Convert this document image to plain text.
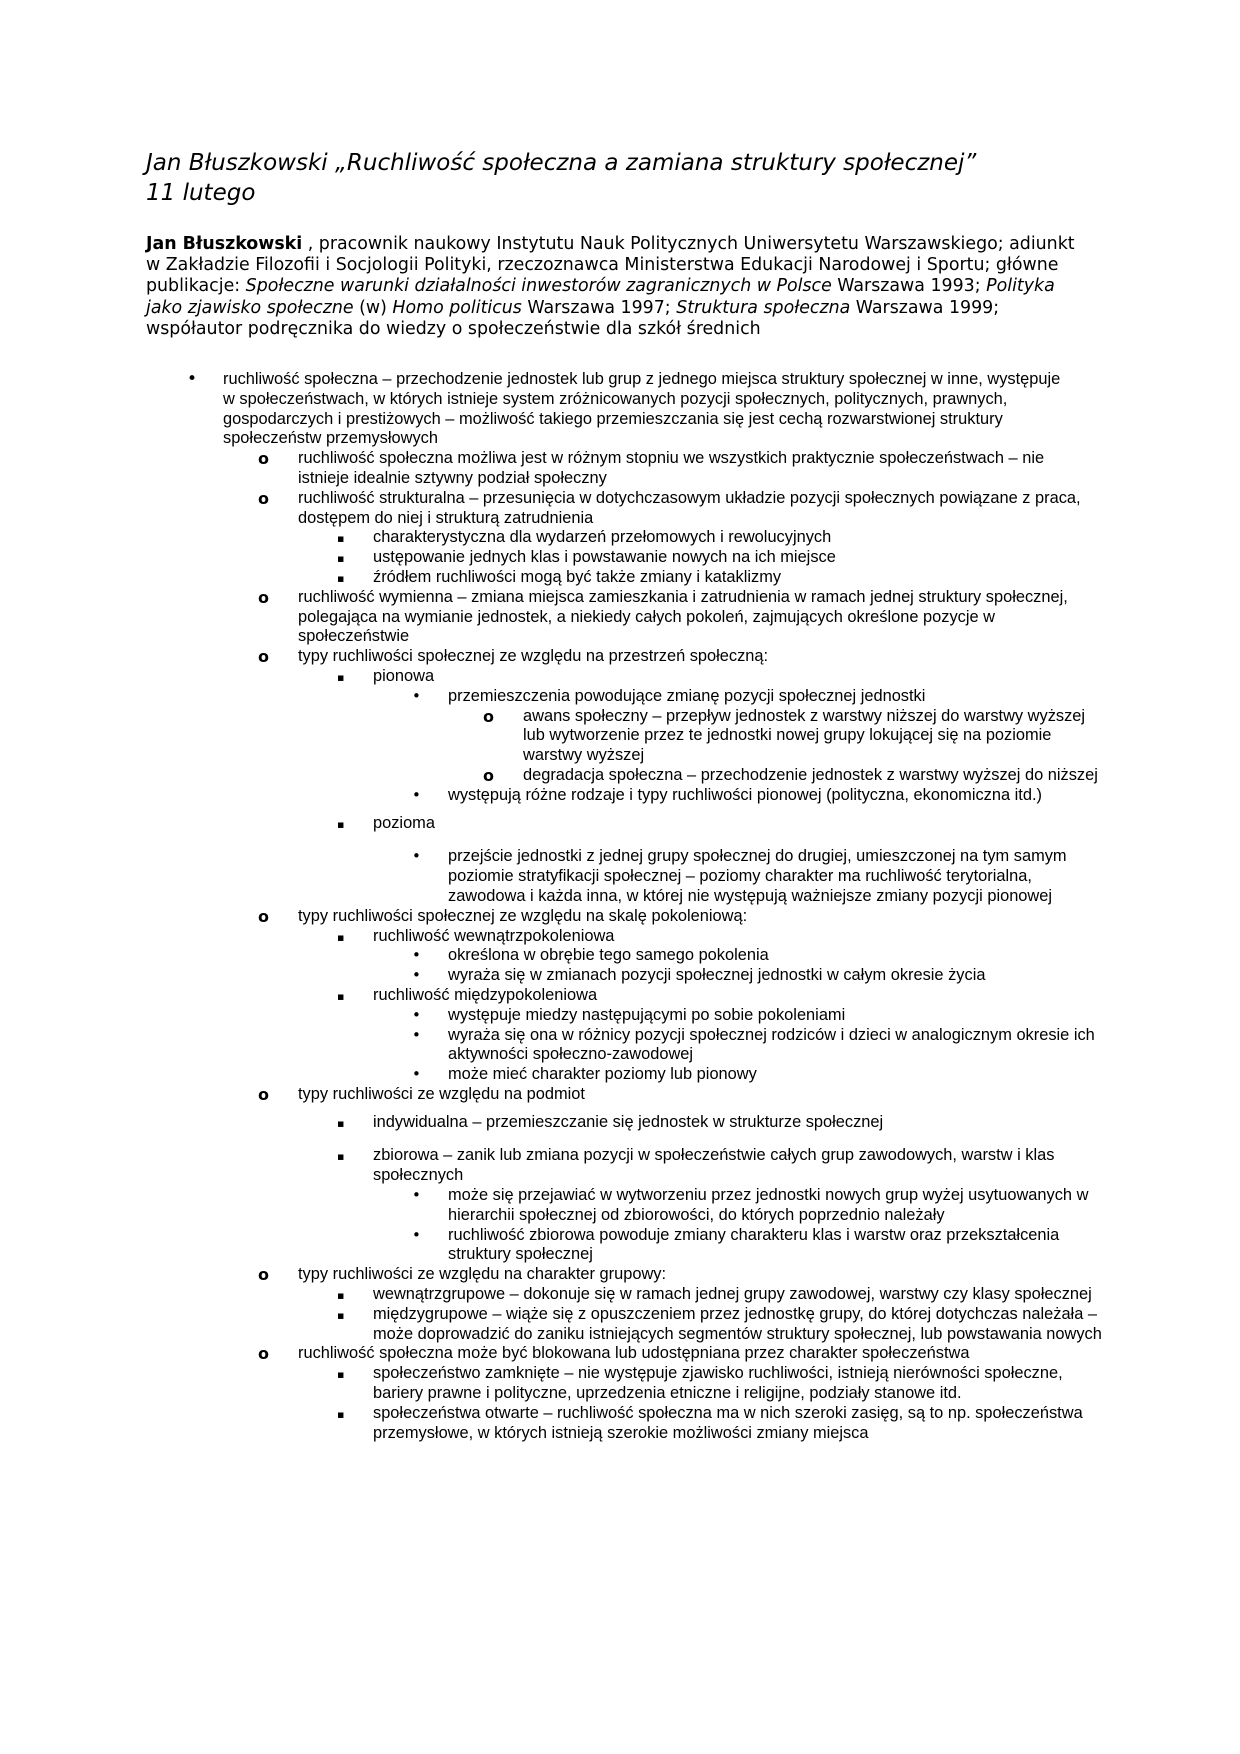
Jan Błuszkowski „Ruchliwość społeczna a zamiana struktury społecznej”
11 lutego

Jan Błuszkowski , pracownik naukowy Instytutu Nauk Politycznych Uniwersytetu Warszawskiego; adiunkt w Zakładzie Filozofii i Socjologii Polityki, rzeczoznawca Ministerstwa Edukacji Narodowej i Sportu; główne publikacje: Społeczne warunki działalności inwestorów zagranicznych w Polsce Warszawa 1993; Polityka jako zjawisko społeczne (w) Homo politicus Warszawa 1997; Struktura społeczna Warszawa 1999; współautor podręcznika do wiedzy o społeczeństwie dla szkół średnich

• ruchliwość społeczna – przechodzenie jednostek lub grup z jednego miejsca struktury społecznej w inne, występuje w społeczeństwach, w których istnieje system zróżnicowanych pozycji społecznych, politycznych, prawnych, gospodarczych i prestiżowych – możliwość takiego przemieszczania się jest cechą rozwarstwionej struktury społeczeństw przemysłowych
o ruchliwość społeczna możliwa jest w różnym stopniu we wszystkich praktycznie społeczeństwach – nie istnieje idealnie sztywny podział społeczny
o ruchliwość strukturalna – przesunięcia w dotychczasowym układzie pozycji społecznych powiązane z praca, dostępem do niej i strukturą zatrudnienia
▪ charakterystyczna dla wydarzeń przełomowych i rewolucyjnych
▪ ustępowanie jednych klas i powstawanie nowych na ich miejsce
▪ źródłem ruchliwości mogą być także zmiany i kataklizmy
o ruchliwość wymienna – zmiana miejsca zamieszkania i zatrudnienia w ramach jednej struktury społecznej, polegająca na wymianie jednostek, a niekiedy całych pokoleń, zajmujących określone pozycje w społeczeństwie
o typy ruchliwości społecznej ze względu na przestrzeń społeczną:
▪ pionowa
• przemieszczenia powodujące zmianę pozycji społecznej jednostki
o awans społeczny – przepływ jednostek z warstwy niższej do warstwy wyższej lub wytworzenie przez te jednostki nowej grupy lokującej się na poziomie warstwy wyższej
o degradacja społeczna – przechodzenie jednostek z warstwy wyższej do niższej
• występują różne rodzaje i typy ruchliwości pionowej (polityczna, ekonomiczna itd.)
▪ pozioma
• przejście jednostki z jednej grupy społecznej do drugiej, umieszczonej na tym samym poziomie stratyfikacji społecznej – poziomy charakter ma ruchliwość terytorialna, zawodowa i każda inna, w której nie występują ważniejsze zmiany pozycji pionowej
o typy ruchliwości społecznej ze względu na skalę pokoleniową:
▪ ruchliwość wewnątrzpokoleniowa
• określona w obrębie tego samego pokolenia
• wyraża się w zmianach pozycji społecznej jednostki w całym okresie życia
▪ ruchliwość międzypokoleniowa
• występuje miedzy następującymi po sobie pokoleniami
• wyraża się ona w różnicy pozycji społecznej rodziców i dzieci w analogicznym okresie ich aktywności społeczno-zawodowej
• może mieć charakter poziomy lub pionowy
o typy ruchliwości ze względu na podmiot
▪ indywidualna – przemieszczanie się jednostek w strukturze społecznej
▪ zbiorowa – zanik lub zmiana pozycji w społeczeństwie całych grup zawodowych, warstw i klas społecznych
• może się przejawiać w wytworzeniu przez jednostki nowych grup wyżej usytuowanych w hierarchii społecznej od zbiorowości, do których poprzednio należały
• ruchliwość zbiorowa powoduje zmiany charakteru klas i warstw oraz przekształcenia struktury społecznej
o typy ruchliwości ze względu na charakter grupowy:
▪ wewnątrzgrupowe – dokonuje się w ramach jednej grupy zawodowej, warstwy czy klasy społecznej
▪ międzygrupowe – wiąże się z opuszczeniem przez jednostkę grupy, do której dotychczas należała – może doprowadzić do zaniku istniejących segmentów struktury społecznej, lub powstawania nowych
o ruchliwość społeczna może być blokowana lub udostępniana przez charakter społeczeństwa
▪ społeczeństwo zamknięte – nie występuje zjawisko ruchliwości, istnieją nierówności społeczne, bariery prawne i polityczne, uprzedzenia etniczne i religijne, podziały stanowe itd.
▪ społeczeństwa otwarte – ruchliwość społeczna ma w nich szeroki zasięg, są to np. społeczeństwa przemysłowe, w których istnieją szerokie możliwości zmiany miejsca
